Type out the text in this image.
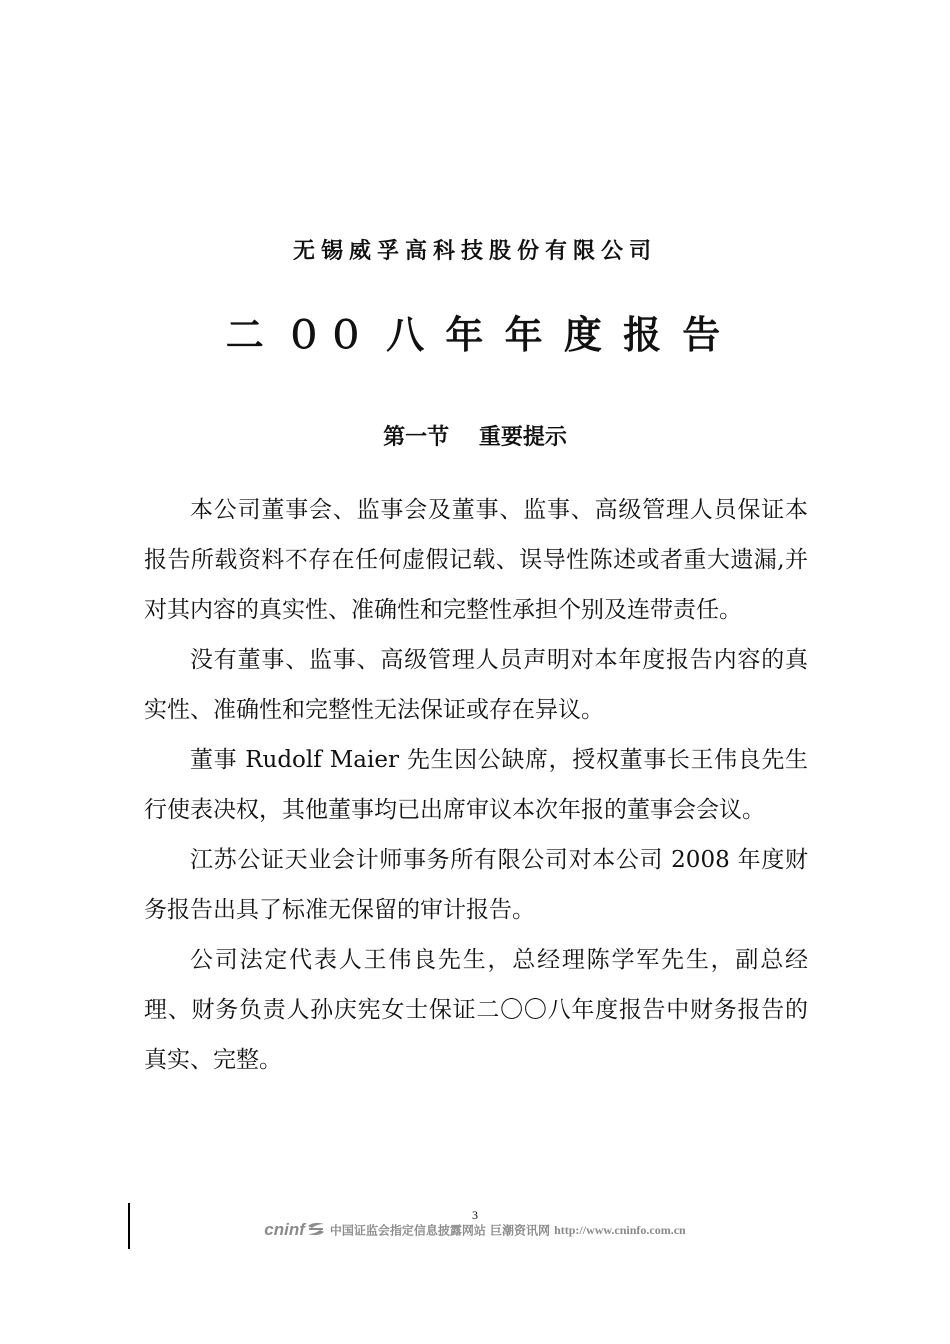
无锡威孚高科技股份有限公司
二 ００ 八 年 年 度 报 告
第一节　 重要提示

本公司董事会、监事会及董事、监事、高级管理人员保证本报告所载资料不存在任何虚假记载、误导性陈述或者重大遗漏,并对其内容的真实性、准确性和完整性承担个别及连带责任。

没有董事、监事、高级管理人员声明对本年度报告内容的真实性、准确性和完整性无法保证或存在异议。

董事 Rudolf Maier 先生因公缺席，授权董事长王伟良先生行使表决权，其他董事均已出席审议本次年报的董事会会议。

江苏公证天业会计师事务所有限公司对本公司 2008 年度财务报告出具了标准无保留的审计报告。

公司法定代表人王伟良先生，总经理陈学军先生，副总经理、财务负责人孙庆宪女士保证二〇〇八年度报告中财务报告的真实、完整。

3
cninf 中国证监会指定信息披露网站 巨潮资讯网 http://www.cninfo.com.cn
